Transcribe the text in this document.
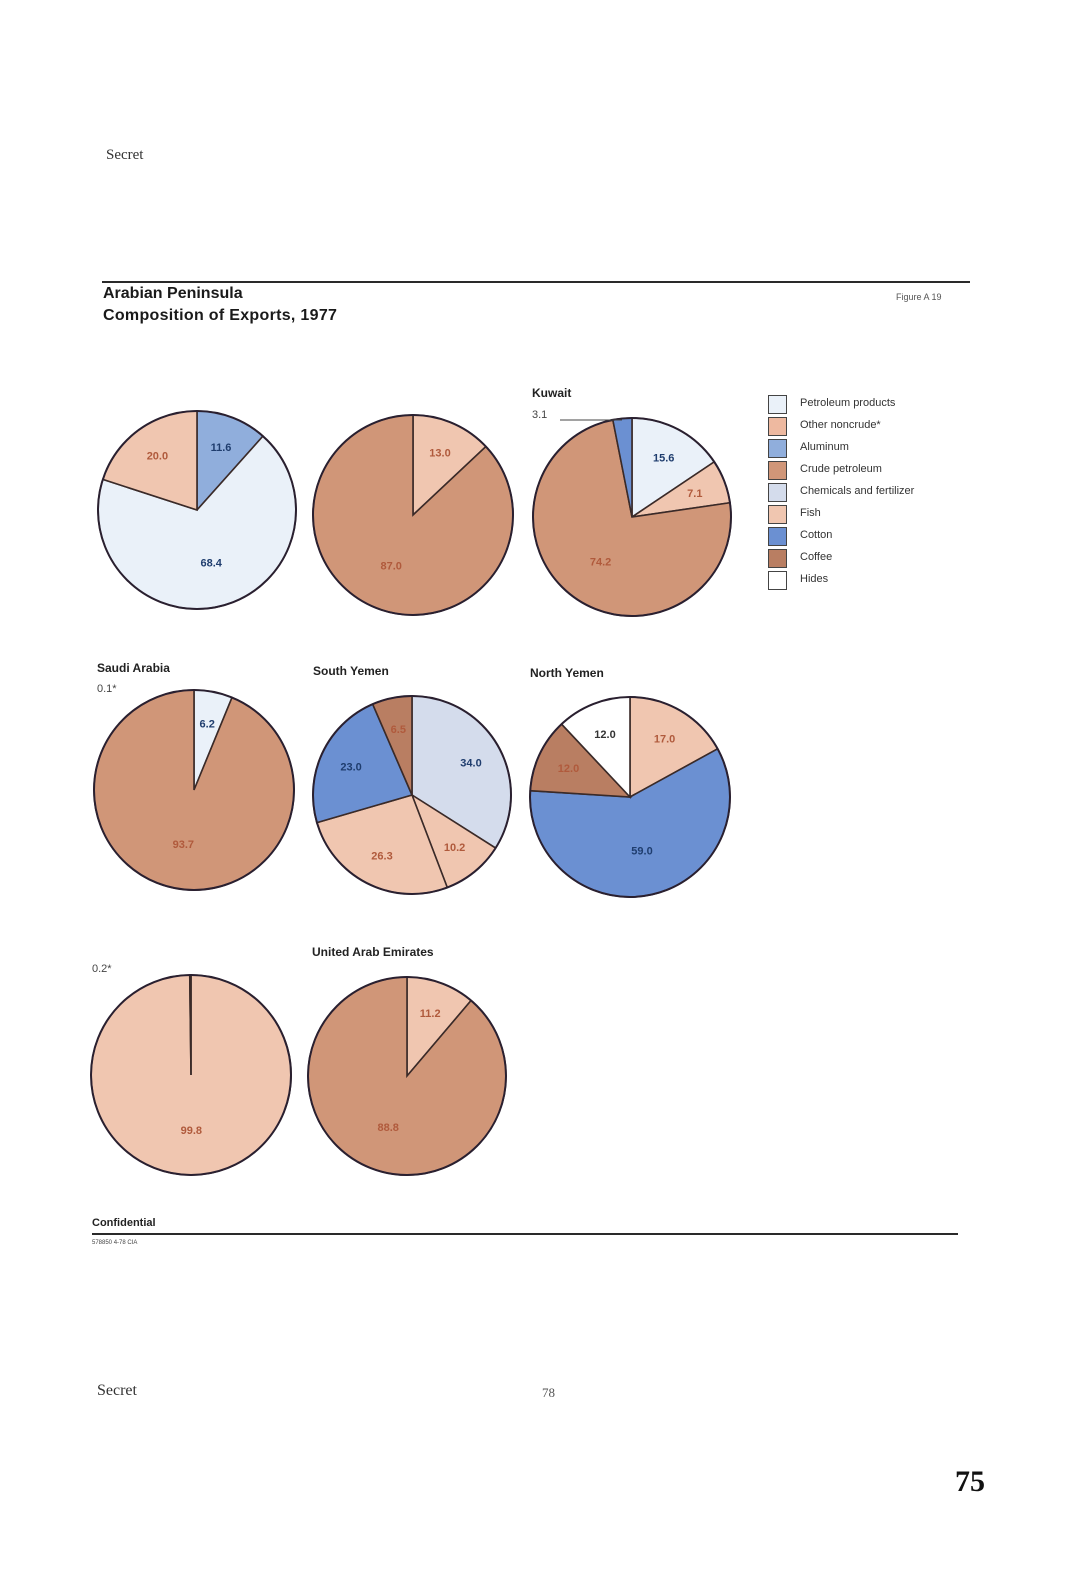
Secret
Arabian Peninsula
Composition of Exports, 1977
Figure A 19
11.6
68.4
20.0	13.0
87.0
15.6
7.1
74.2
Kuwait
3.1
6.2
93.7
Saudi Arabia
0.1*
34.0
10.2
26.3
23.0
6.5
South Yemen
17.0
59.0
12.0
12.0
North Yemen
99.8
0.2*
11.2
88.8
United Arab Emirates
Petroleum products
Other noncrude*
Aluminum
Crude petroleum
Chemicals and fertilizer
Fish
Cotton
Coffee
Hides
Confidential
578850 4-78 CIA
Secret	78
75
